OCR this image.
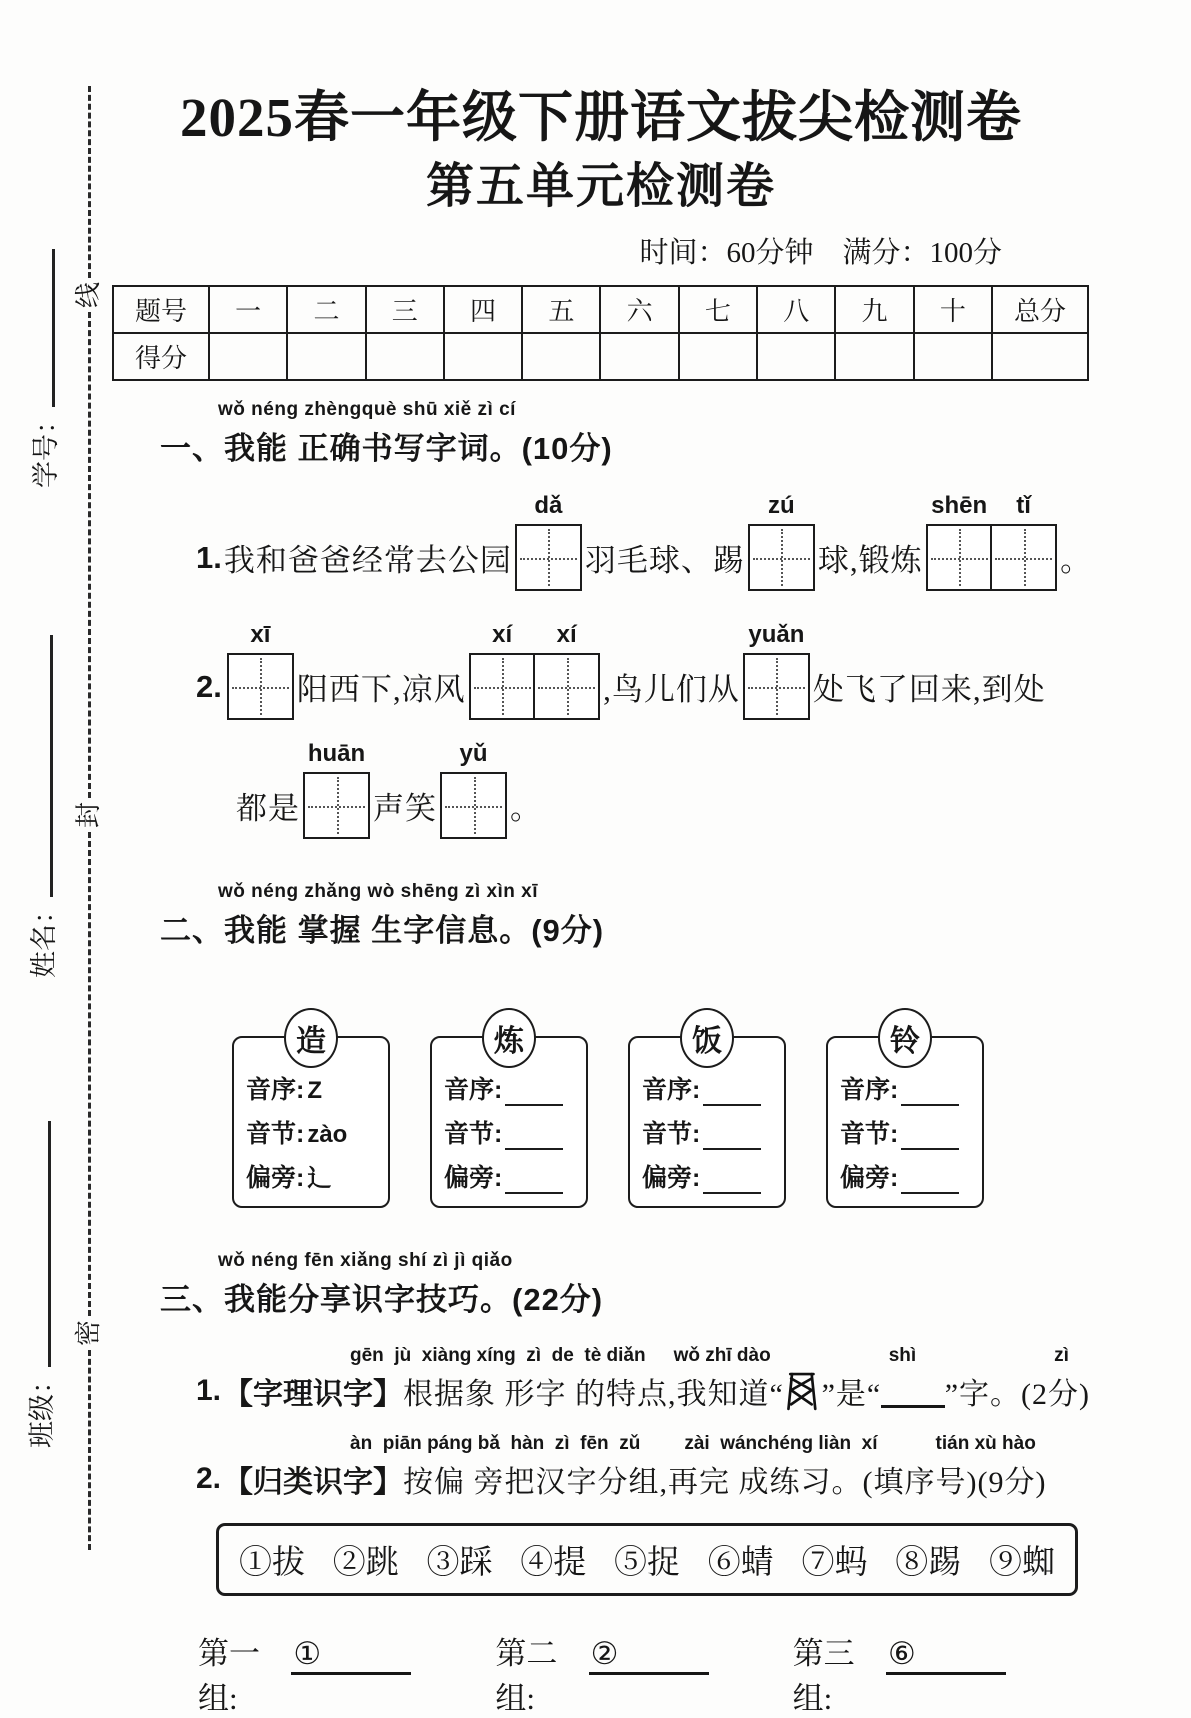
线
封
密
学号：
姓名：
班级：
2025春一年级下册语文拔尖检测卷
第五单元检测卷
时间：60分钟　满分：100分
题号	一	二	三	四	五	六	七	八	九	十	总分
得分											
wǒ néng zhèngquè shū xiě zì cí
一、我能 正确书写字词。(10分)
1. 我和爸爸经常去公园
dǎ
羽毛球、踢
zú
球,锻炼
shēn tǐ
。
2.
xī
阳西下,凉风
xí xí
,鸟儿们从
yuǎn
处飞了回来,到处
都是
huān
声笑
yǔ
。
wǒ néng zhǎng wò shēng zì xìn xī
二、我能 掌握 生字信息。(9分)
造
音序: Z
音节: zào
偏旁: 辶
炼
音序:
音节:
偏旁:
饭
音序:
音节:
偏旁:
铃
音序:
音节:
偏旁:
wǒ néng fēn xiǎng shí zì jì qiǎo
三、我能分享识字技巧。(22分)
gēn  jù  xiàng xíng  zì  de  tè diǎn wǒ zhī dào	shì	zì
1. 【字理识字】 根据象 形字 的特点,我知道“ ”是“ ”字。(2分)
àn  piān páng bǎ  hàn  zì  fēn  zǔ zài  wánchéng liàn  xí	tián xù hào
2. 【归类识字】 按偏 旁把汉字分组,再完 成练习。(填序号)(9分)
①拔 ②跳 ③踩 ④提 ⑤捉 ⑥蜻 ⑦蚂 ⑧踢 ⑨蜘
第一组:
①	第二组:
②	第三组:
⑥
